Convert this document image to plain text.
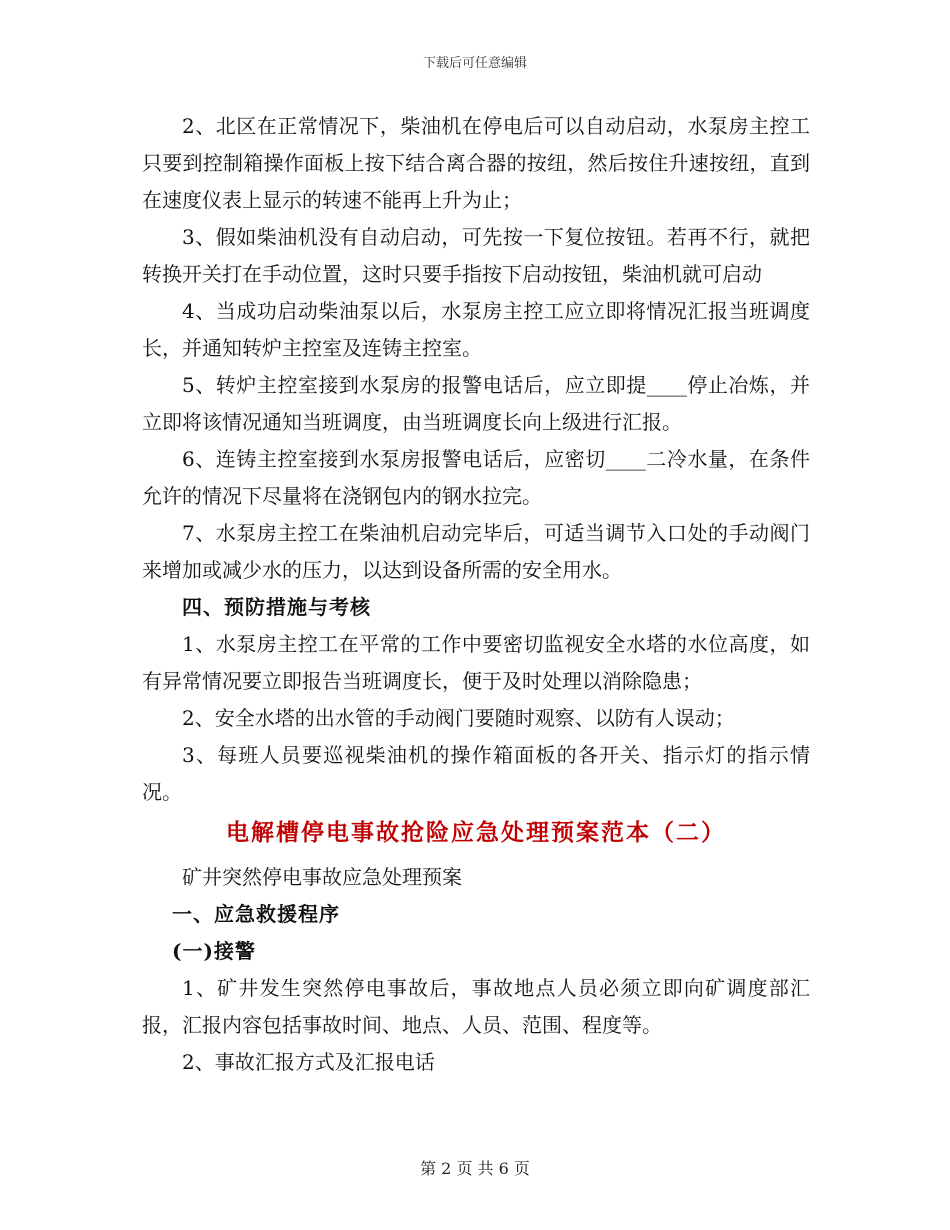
下载后可任意编辑

2、北区在正常情况下，柴油机在停电后可以自动启动，水泵房主控工只要到控制箱操作面板上按下结合离合器的按纽，然后按住升速按纽，直到在速度仪表上显示的转速不能再上升为止；

3、假如柴油机没有自动启动，可先按一下复位按钮。若再不行，就把转换开关打在手动位置，这时只要手指按下启动按钮，柴油机就可启动

4、当成功启动柴油泵以后，水泵房主控工应立即将情况汇报当班调度长，并通知转炉主控室及连铸主控室。

5、转炉主控室接到水泵房的报警电话后，应立即提____停止冶炼，并立即将该情况通知当班调度，由当班调度长向上级进行汇报。

6、连铸主控室接到水泵房报警电话后，应密切____二冷水量，在条件允许的情况下尽量将在浇钢包内的钢水拉完。

7、水泵房主控工在柴油机启动完毕后，可适当调节入口处的手动阀门来增加或减少水的压力，以达到设备所需的安全用水。

四、预防措施与考核

1、水泵房主控工在平常的工作中要密切监视安全水塔的水位高度，如有异常情况要立即报告当班调度长，便于及时处理以消除隐患；

2、安全水塔的出水管的手动阀门要随时观察、以防有人误动；

3、每班人员要巡视柴油机的操作箱面板的各开关、指示灯的指示情况。

电解槽停电事故抢险应急处理预案范本（二）

矿井突然停电事故应急处理预案

一、应急救援程序

(一)接警

1、矿井发生突然停电事故后，事故地点人员必须立即向矿调度部汇报，汇报内容包括事故时间、地点、人员、范围、程度等。

2、事故汇报方式及汇报电话

第 2 页 共 6 页
